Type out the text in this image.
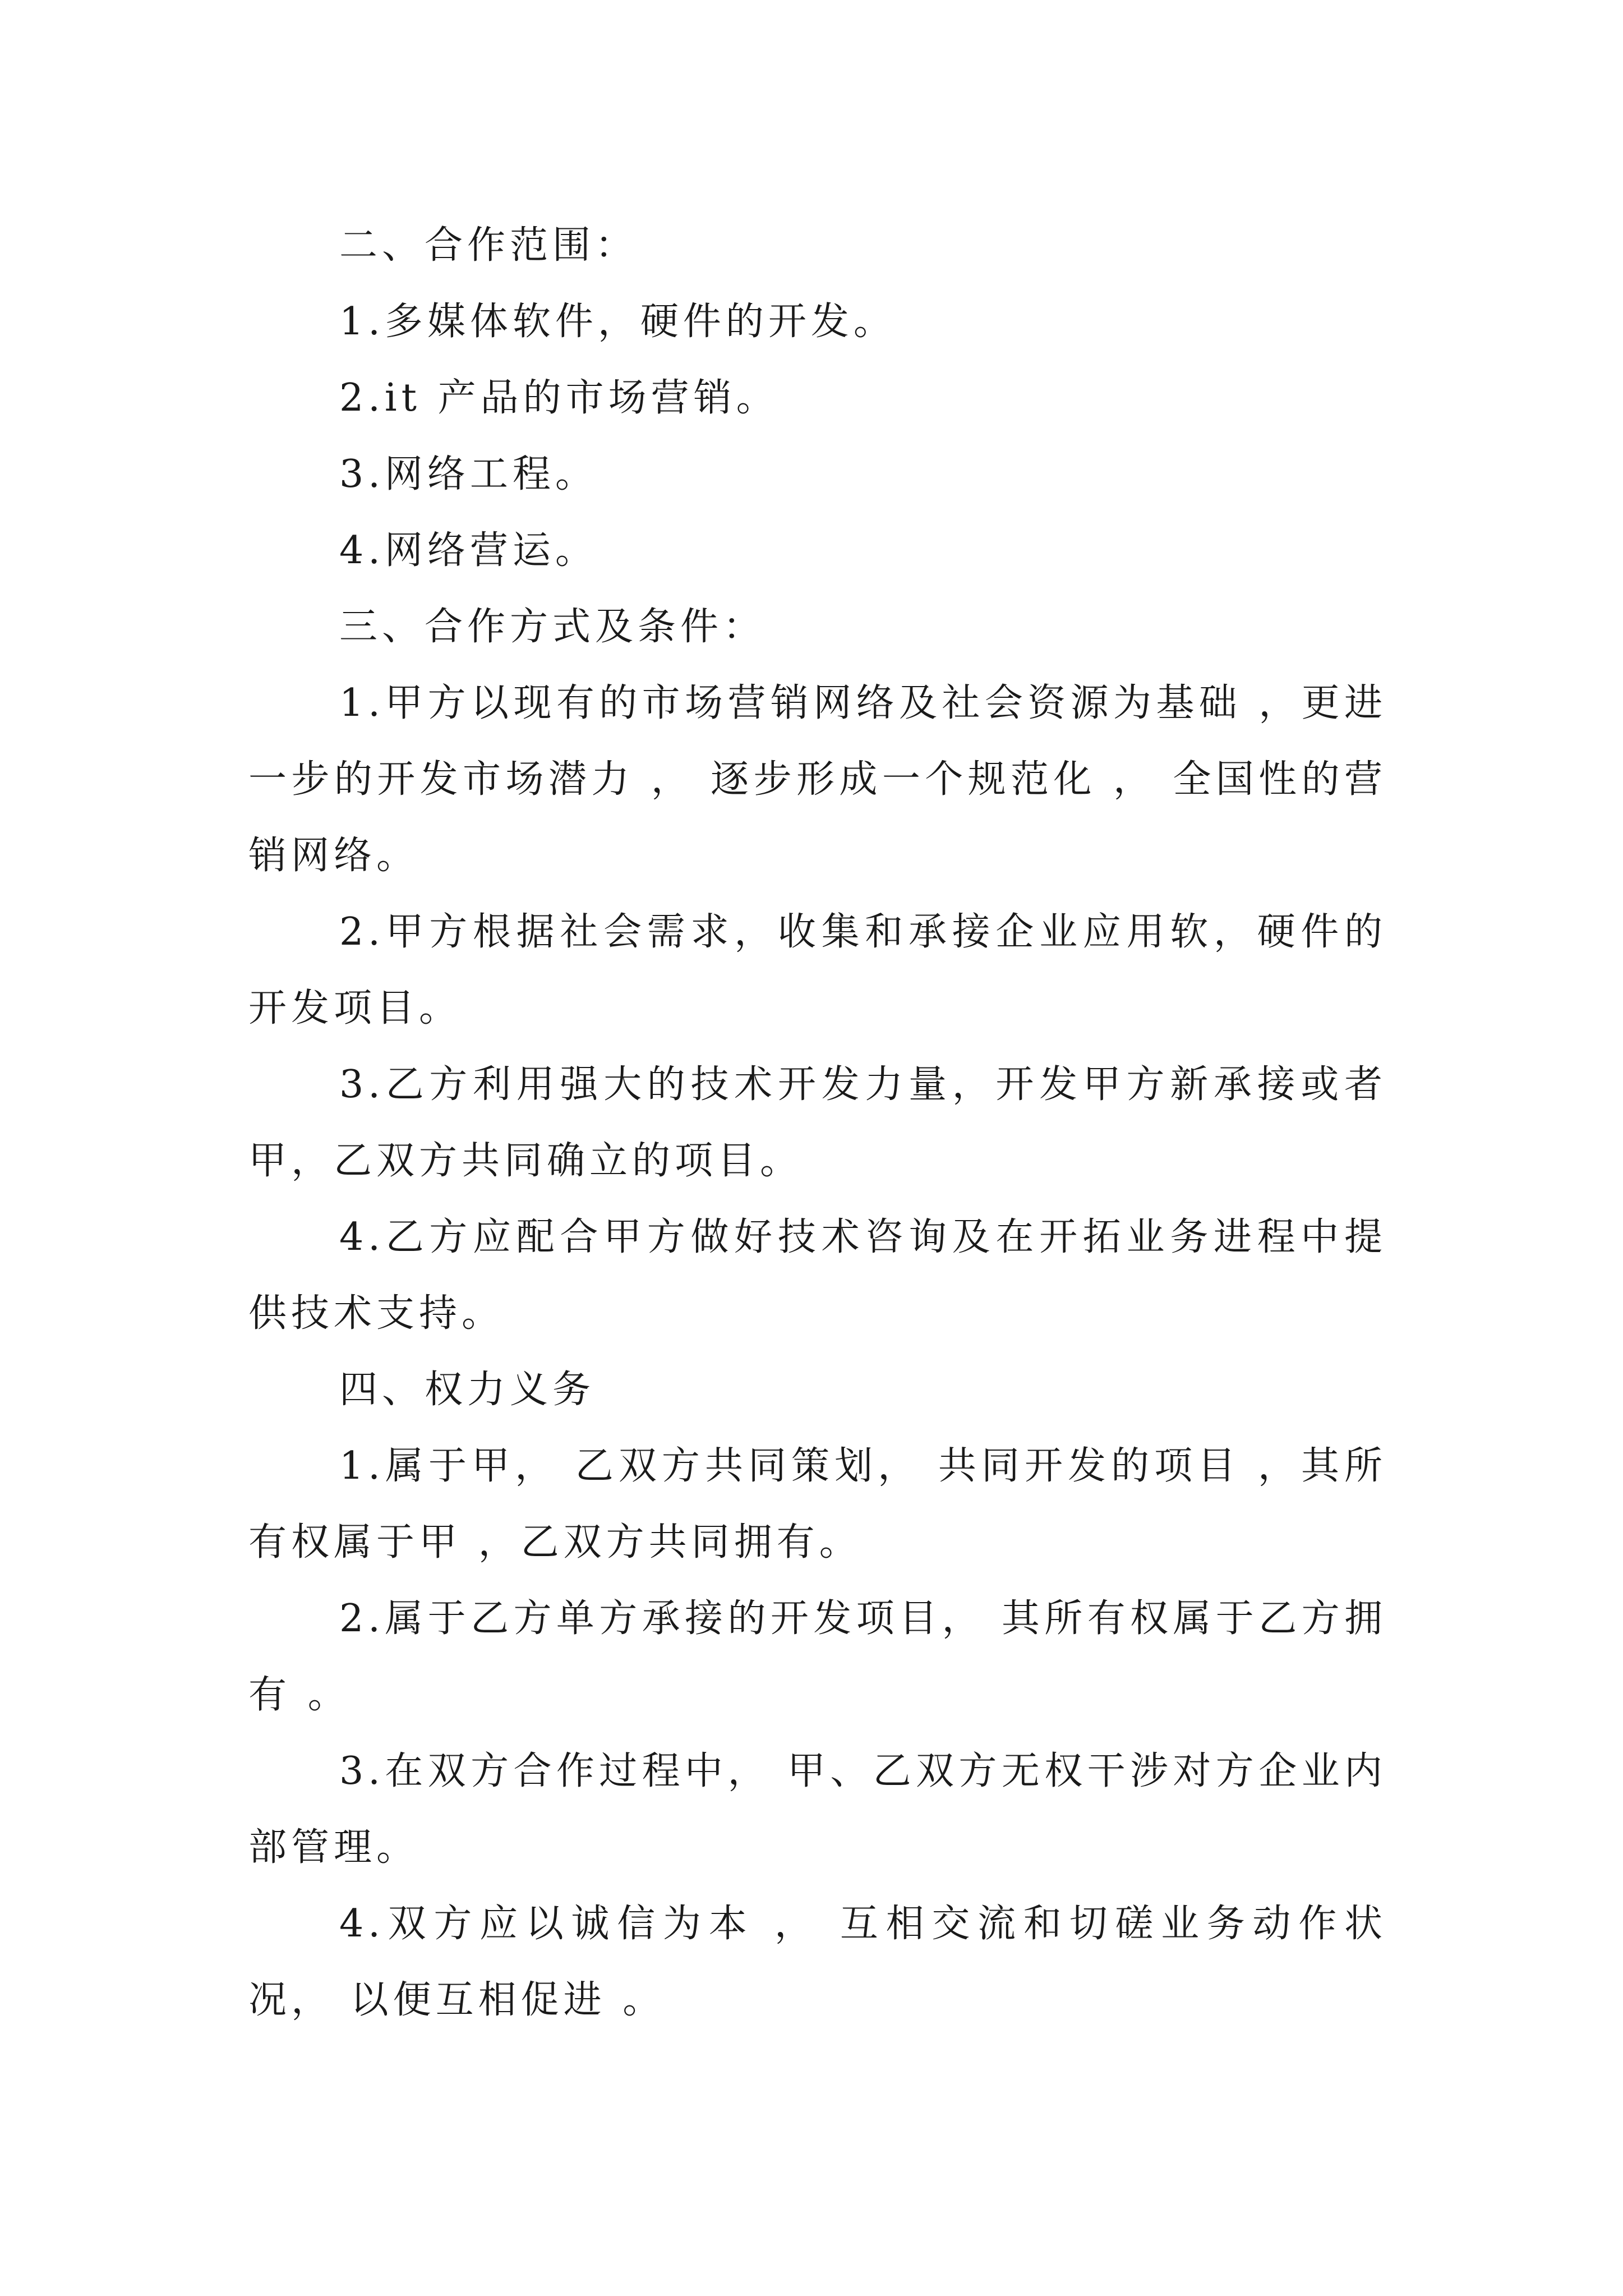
二、合作范围：

1.多媒体软件，硬件的开发。

2.it 产品的市场营销。

3.网络工程。

4.网络营运。

三、合作方式及条件：

1.甲方以现有的市场营销网络及社会资源为基础 ，更进一步的开发市场潜力 ， 逐步形成一个规范化 ， 全国性的营销网络。

2.甲方根据社会需求，收集和承接企业应用软，硬件的开发项目。

3.乙方利用强大的技术开发力量，开发甲方新承接或者甲，乙双方共同确立的项目。

4.乙方应配合甲方做好技术咨询及在开拓业务进程中提供技术支持。

四、权力义务

1.属于甲， 乙双方共同策划， 共同开发的项目 ，其所有权属于甲 ，乙双方共同拥有。

2.属于乙方单方承接的开发项目， 其所有权属于乙方拥有 。

3.在双方合作过程中， 甲、乙双方无权干涉对方企业内部管理。

4.双方应以诚信为本 ， 互相交流和切磋业务动作状况， 以便互相促进 。
